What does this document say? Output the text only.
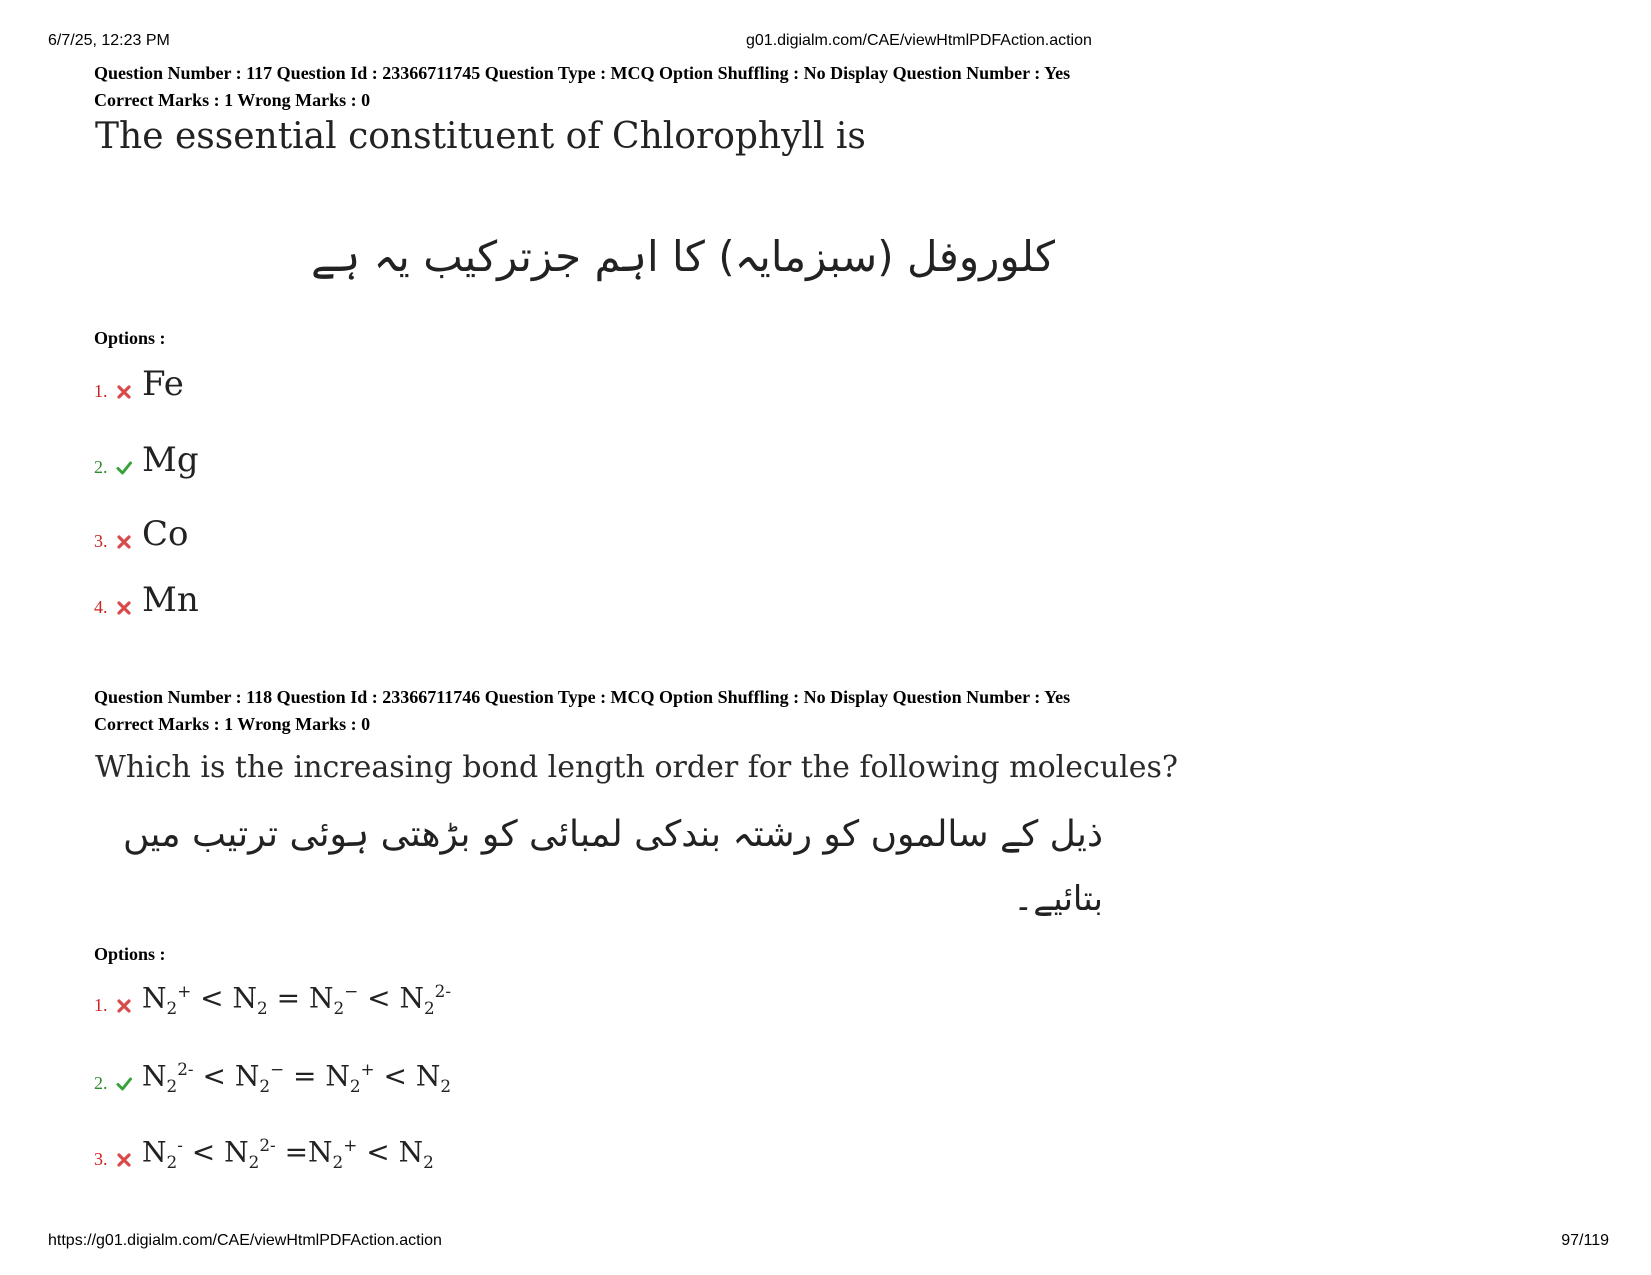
6/7/25, 12:23 PM	g01.digialm.com/CAE/viewHtmlPDFAction.action
https://g01.digialm.com/CAE/viewHtmlPDFAction.action	97/119
Question Number : 117 Question Id : 23366711745 Question Type : MCQ Option Shuffling : No Display Question Number : Yes
Correct Marks : 1 Wrong Marks : 0
The essential constituent of Chlorophyll is
کلوروفل (سبزمایہ) کا اہم جزترکیب یہ ہے
Options :
1. Fe
2. Mg
3. Co
4. Mn
Question Number : 118 Question Id : 23366711746 Question Type : MCQ Option Shuffling : No Display Question Number : Yes
Correct Marks : 1 Wrong Marks : 0
Which is the increasing bond length order for the following molecules?
ذیل کے سالموں کو رشتہ بندکی لمبائی کو بڑھتی ہوئی ترتیب میں
بتائیے۔
Options :
1. $N_2^+ < N_2 = N_2^- < N_2^{2-}$
2. $N_2^{2-} < N_2^- = N_2^+ < N_2$
3. $N_2^- < N_2^{2-} =N_2^+ < N_2$
